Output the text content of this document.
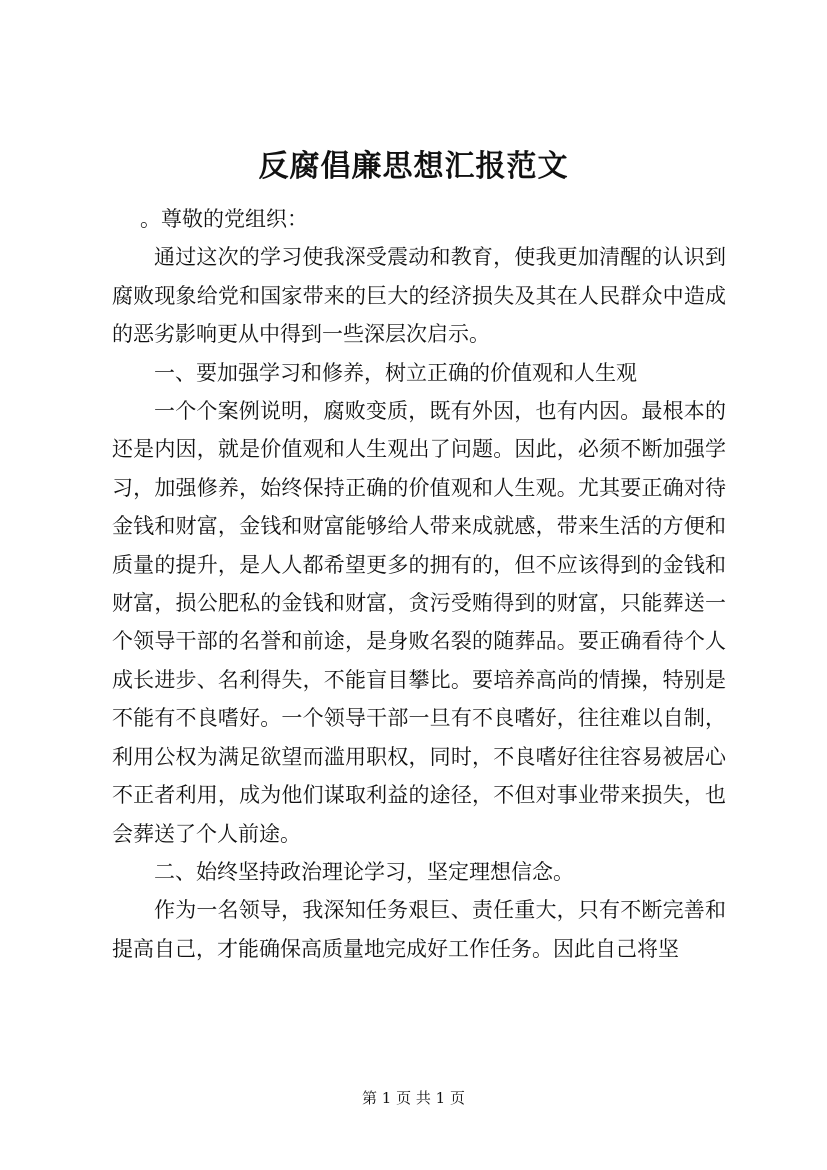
反腐倡廉思想汇报范文

。尊敬的党组织：

通过这次的学习使我深受震动和教育，使我更加清醒的认识到腐败现象给党和国家带来的巨大的经济损失及其在人民群众中造成的恶劣影响更从中得到一些深层次启示。

一、要加强学习和修养，树立正确的价值观和人生观

一个个案例说明，腐败变质，既有外因，也有内因。最根本的还是内因，就是价值观和人生观出了问题。因此，必须不断加强学习，加强修养，始终保持正确的价值观和人生观。尤其要正确对待金钱和财富，金钱和财富能够给人带来成就感，带来生活的方便和质量的提升，是人人都希望更多的拥有的，但不应该得到的金钱和财富，损公肥私的金钱和财富，贪污受贿得到的财富，只能葬送一个领导干部的名誉和前途，是身败名裂的随葬品。要正确看待个人成长进步、名利得失，不能盲目攀比。要培养高尚的情操，特别是不能有不良嗜好。一个领导干部一旦有不良嗜好，往往难以自制，利用公权为满足欲望而滥用职权，同时，不良嗜好往往容易被居心不正者利用，成为他们谋取利益的途径，不但对事业带来损失，也会葬送了个人前途。

二、始终坚持政治理论学习，坚定理想信念。

作为一名领导，我深知任务艰巨、责任重大，只有不断完善和提高自己，才能确保高质量地完成好工作任务。因此自己将坚

第 1 页 共 1 页
